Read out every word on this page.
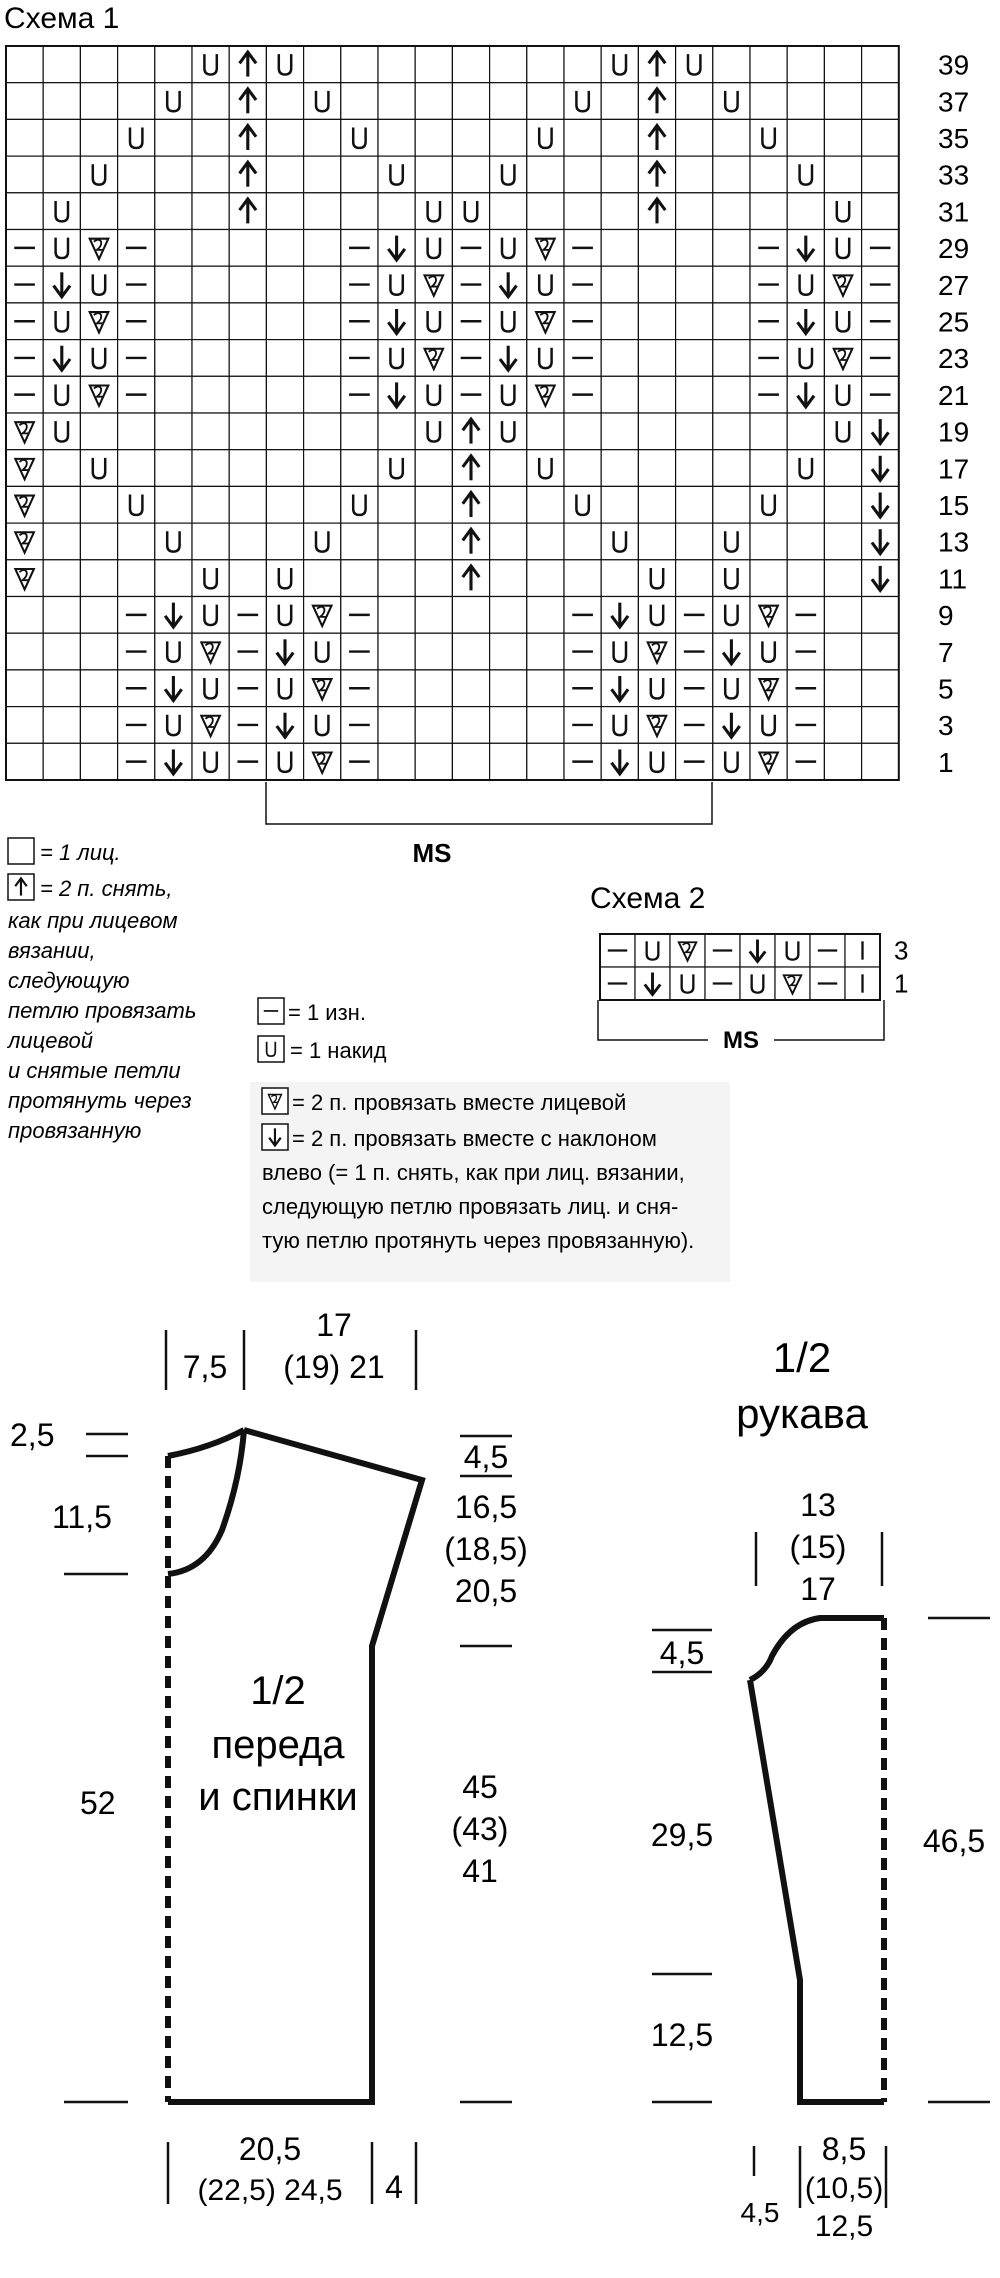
Схема 1
39
37
35
33
31
29
27
25
23
21
19
17
15
13
11
9
7
5
3
1
MS
= 1 лиц.
= 2 п. снять,
как при лицевом
вязании,
следующую
петлю провязать
лицевой
и снятые петли
протянуть через
провязанную
Схема 2
3
1
MS
= 1 изн.
= 1 накид
= 2 п. провязать вместе лицевой
= 2 п. провязать вместе с наклоном
влево (= 1 п. снять, как при лиц. вязании,
следующую петлю провязать лиц. и сня-
тую петлю протянуть через провязанную).
7,5
17
(19) 21
2,5
11,5
52
4,5
16,5
(18,5)
20,5
45
(43)
41
1/2
переда
и спинки
20,5
(22,5) 24,5 4
1/2
рукава
13
(15)
17
4,5
29,5
12,5
46,5
4,5
8,5
(10,5)
12,5
